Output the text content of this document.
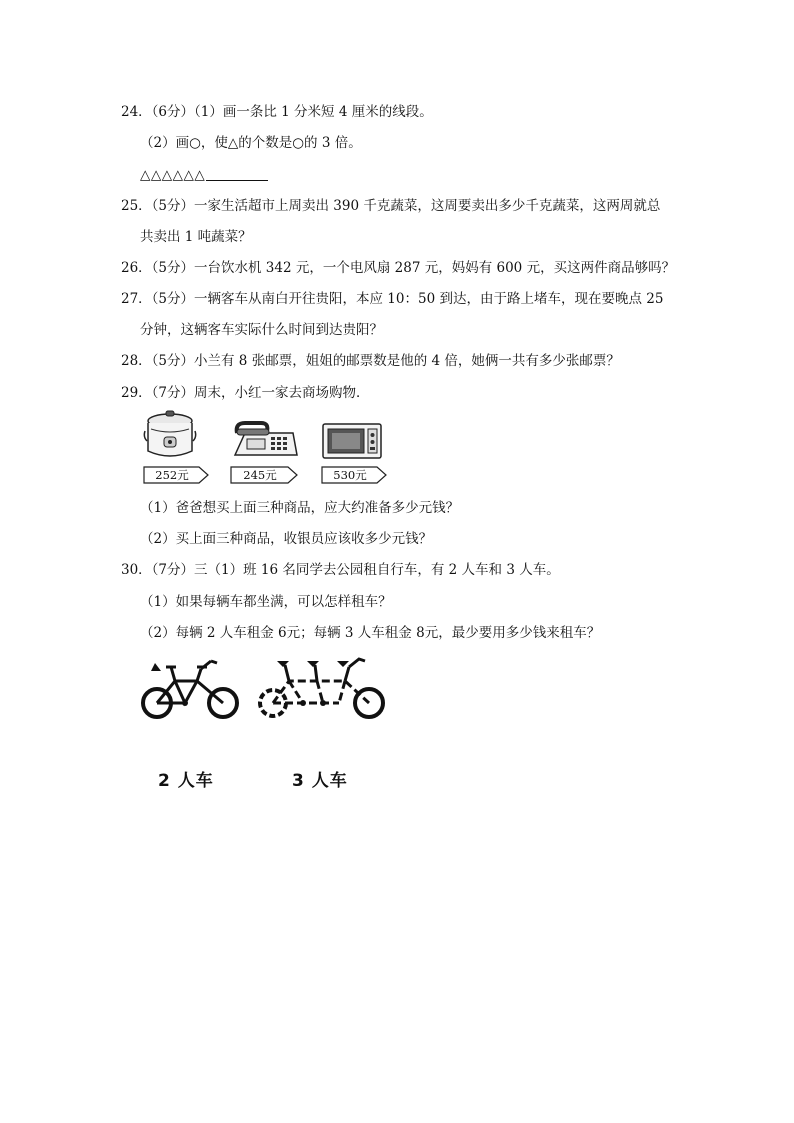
24．（6分）（1）画一条比 1 分米短 4 厘米的线段。
（2）画○，使△的个数是○的 3 倍。
△△△△△△
25．（5分）一家生活超市上周卖出 390 千克蔬菜，这周要卖出多少千克蔬菜，这两周就总
共卖出 1 吨蔬菜？
26．（5分）一台饮水机 342 元，一个电风扇 287 元，妈妈有 600 元，买这两件商品够吗？
27．（5分）一辆客车从南白开往贵阳，本应 10：50 到达，由于路上堵车，现在要晚点 25
分钟，这辆客车实际什么时间到达贵阳？
28．（5分）小兰有 8 张邮票，姐姐的邮票数是他的 4 倍，她俩一共有多少张邮票？
29．（7分）周末，小红一家去商场购物．
252元	245元	530元
（1）爸爸想买上面三种商品，应大约准备多少元钱？
（2）买上面三种商品，收银员应该收多少元钱？
30．（7分）三（1）班 16 名同学去公园租自行车，有 2 人车和 3 人车。
（1）如果每辆车都坐满，可以怎样租车？
（2）每辆 2 人车租金 6元；每辆 3 人车租金 8元，最少要用多少钱来租车？
2 人车	3 人车
